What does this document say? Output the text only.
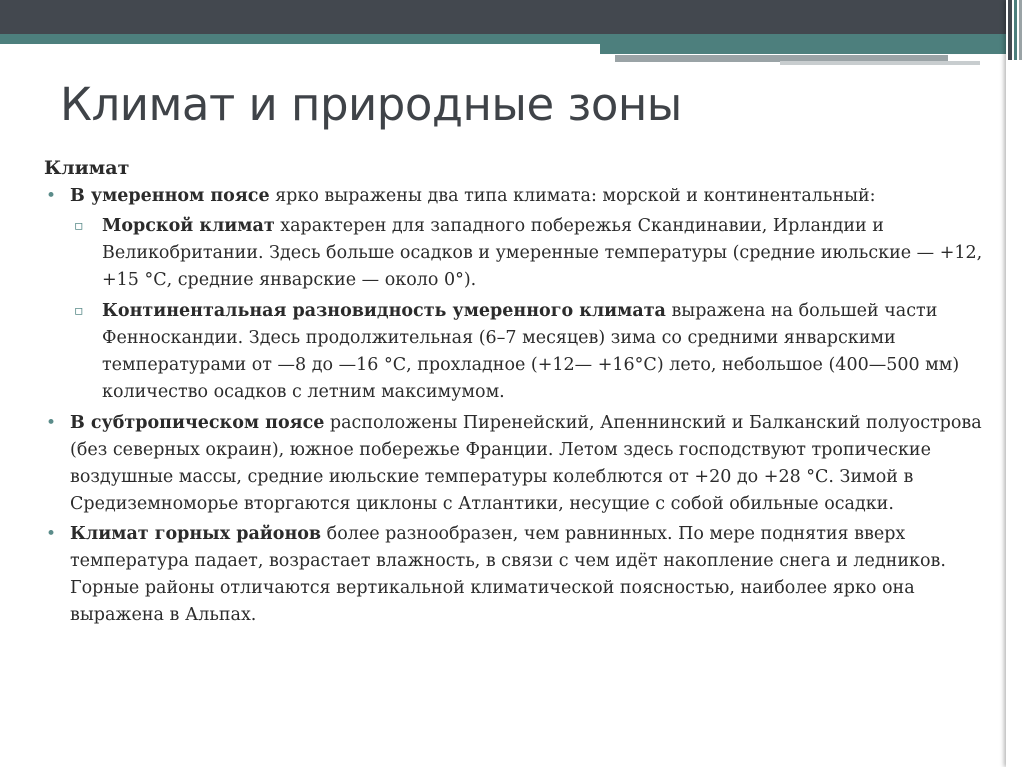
Климат и природные зоны
Климат
• В умеренном поясе ярко выражены два типа климата: морской и континентальный:
▫ Морской климат характерен для западного побережья Скандинавии, Ирландии и Великобритании. Здесь больше осадков и умеренные температуры (средние июльские — +12, +15 °С, средние январские — около 0°).
▫ Континентальная разновидность умеренного климата выражена на большей части Фенноскандии. Здесь продолжительная (6–7 месяцев) зима со средними январскими температурами от —8 до —16 °С, прохладное (+12— +16°С) лето, небольшое (400—500 мм) количество осадков с летним максимумом.
• В субтропическом поясе расположены Пиренейский, Апеннинский и Балканский полуострова (без северных окраин), южное побережье Франции. Летом здесь господствуют тропические воздушные массы, средние июльские температуры колеблются от +20 до +28 °С. Зимой в Средиземноморье вторгаются циклоны с Атлантики, несущие с собой обильные осадки.
• Климат горных районов более разнообразен, чем равнинных. По мере поднятия вверх температура падает, возрастает влажность, в связи с чем идёт накопление снега и ледников. Горные районы отличаются вертикальной климатической поясностью, наиболее ярко она выражена в Альпах.
